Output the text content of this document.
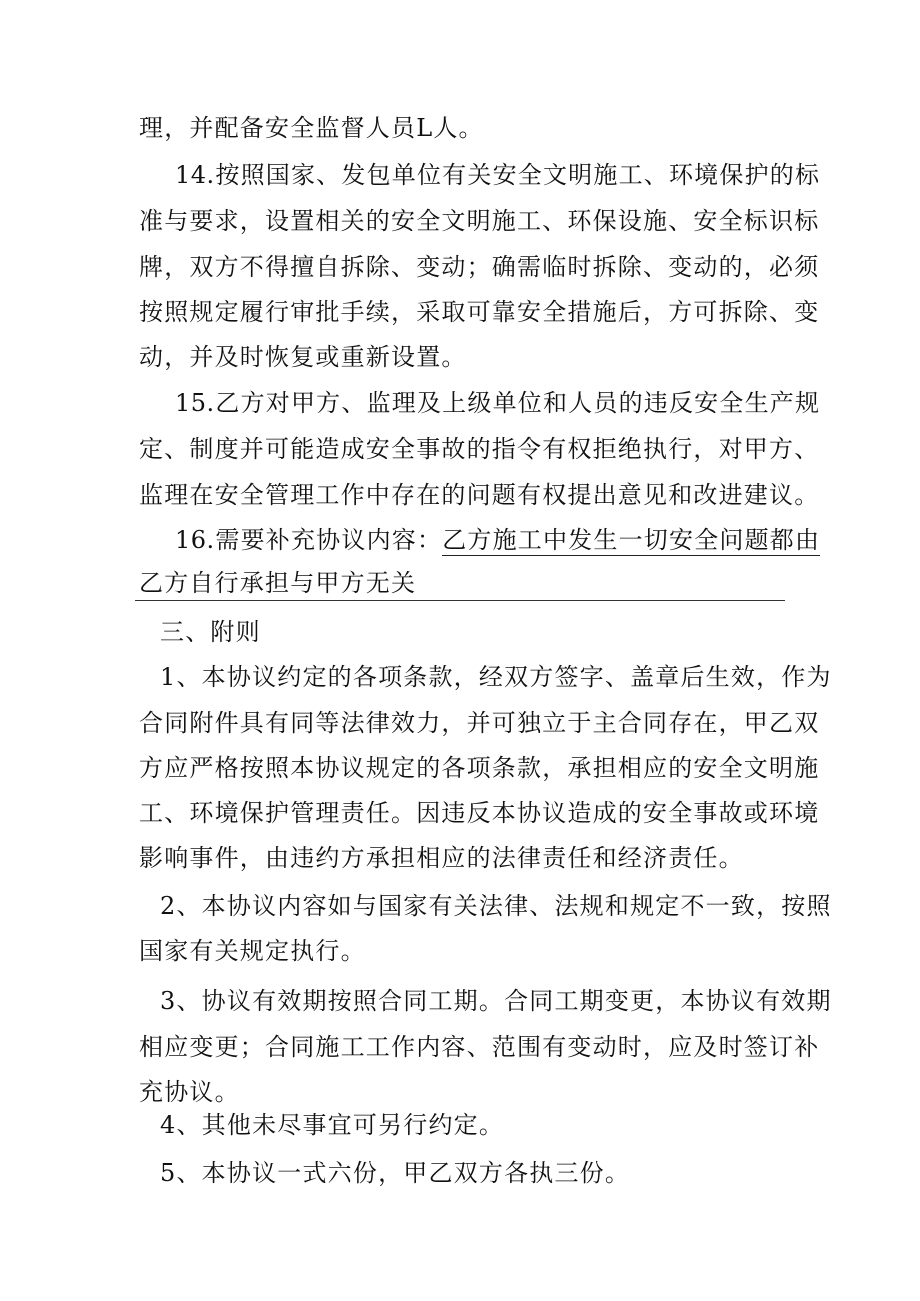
理，并配备安全监督人员L人。
14.按照国家、发包单位有关安全文明施工、环境保护的标
准与要求，设置相关的安全文明施工、环保设施、安全标识标
牌，双方不得擅自拆除、变动；确需临时拆除、变动的，必须
按照规定履行审批手续，采取可靠安全措施后，方可拆除、变
动，并及时恢复或重新设置。
15.乙方对甲方、监理及上级单位和人员的违反安全生产规
定、制度并可能造成安全事故的指令有权拒绝执行，对甲方、
监理在安全管理工作中存在的问题有权提出意见和改进建议。
16.需要补充协议内容：乙方施工中发生一切安全问题都由
乙方自行承担与甲方无关
三、附则
1、本协议约定的各项条款，经双方签字、盖章后生效，作为
合同附件具有同等法律效力，并可独立于主合同存在，甲乙双
方应严格按照本协议规定的各项条款，承担相应的安全文明施
工、环境保护管理责任。因违反本协议造成的安全事故或环境
影响事件，由违约方承担相应的法律责任和经济责任。
2、本协议内容如与国家有关法律、法规和规定不一致，按照
国家有关规定执行。
3、协议有效期按照合同工期。合同工期变更，本协议有效期
相应变更；合同施工工作内容、范围有变动时，应及时签订补
充协议。
4、其他未尽事宜可另行约定。
5、本协议一式六份，甲乙双方各执三份。
